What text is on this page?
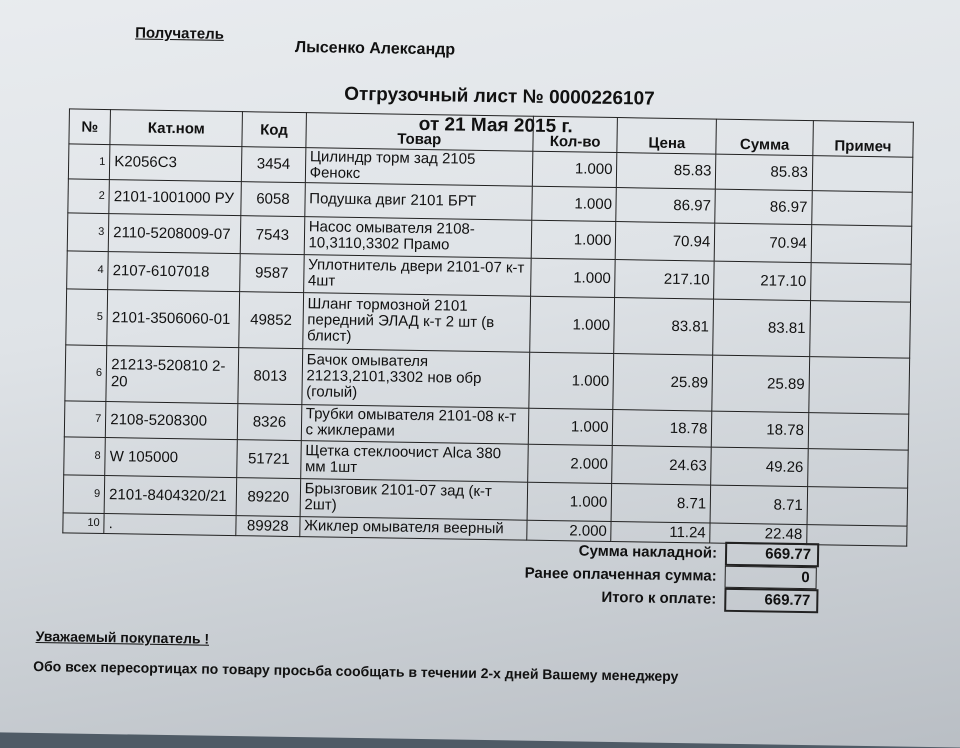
Получатель
Лысенко Александр
Отгрузочный лист № 0000226107
№	Кат.ном	Код	Товар	Кол-во	Цена	Сумма	Примеч
1	K2056C3	3454	Цилиндр торм зад 2105 Фенокс	1.000	85.83	85.83	
2	2101-1001000 РУ	6058	Подушка двиг 2101 БРТ	1.000	86.97	86.97	
3	2110-5208009-07	7543	Насос омывателя 2108-10,3110,3302 Прамо	1.000	70.94	70.94	
4	2107-6107018	9587	Уплотнитель двери 2101-07 к-т 4шт	1.000	217.10	217.10	
5	2101-3506060-01	49852	Шланг тормозной 2101 передний ЭЛАД к-т 2 шт (в блист)	1.000	83.81	83.81	
6	21213-520810 2-20	8013	Бачок омывателя 21213,2101,3302 нов обр (голый)	1.000	25.89	25.89	
7	2108-5208300	8326	Трубки омывателя 2101-08 к-т с жиклерами	1.000	18.78	18.78	
8	W 105000	51721	Щетка стеклоочист Alca 380 мм 1шт	2.000	24.63	49.26	
9	2101-8404320/21	89220	Брызговик 2101-07 зад (к-т 2шт)	1.000	8.71	8.71	
10	.	89928	Жиклер омывателя веерный	2.000	11.24	22.48	
от 21 Мая 2015 г.
Сумма накладной:	669.77
Ранее оплаченная сумма:	0
Итого к оплате:	669.77
Уважаемый покупатель !
Обо всех пересортицах по товару просьба сообщать в течении 2-х дней Вашему менеджеру
